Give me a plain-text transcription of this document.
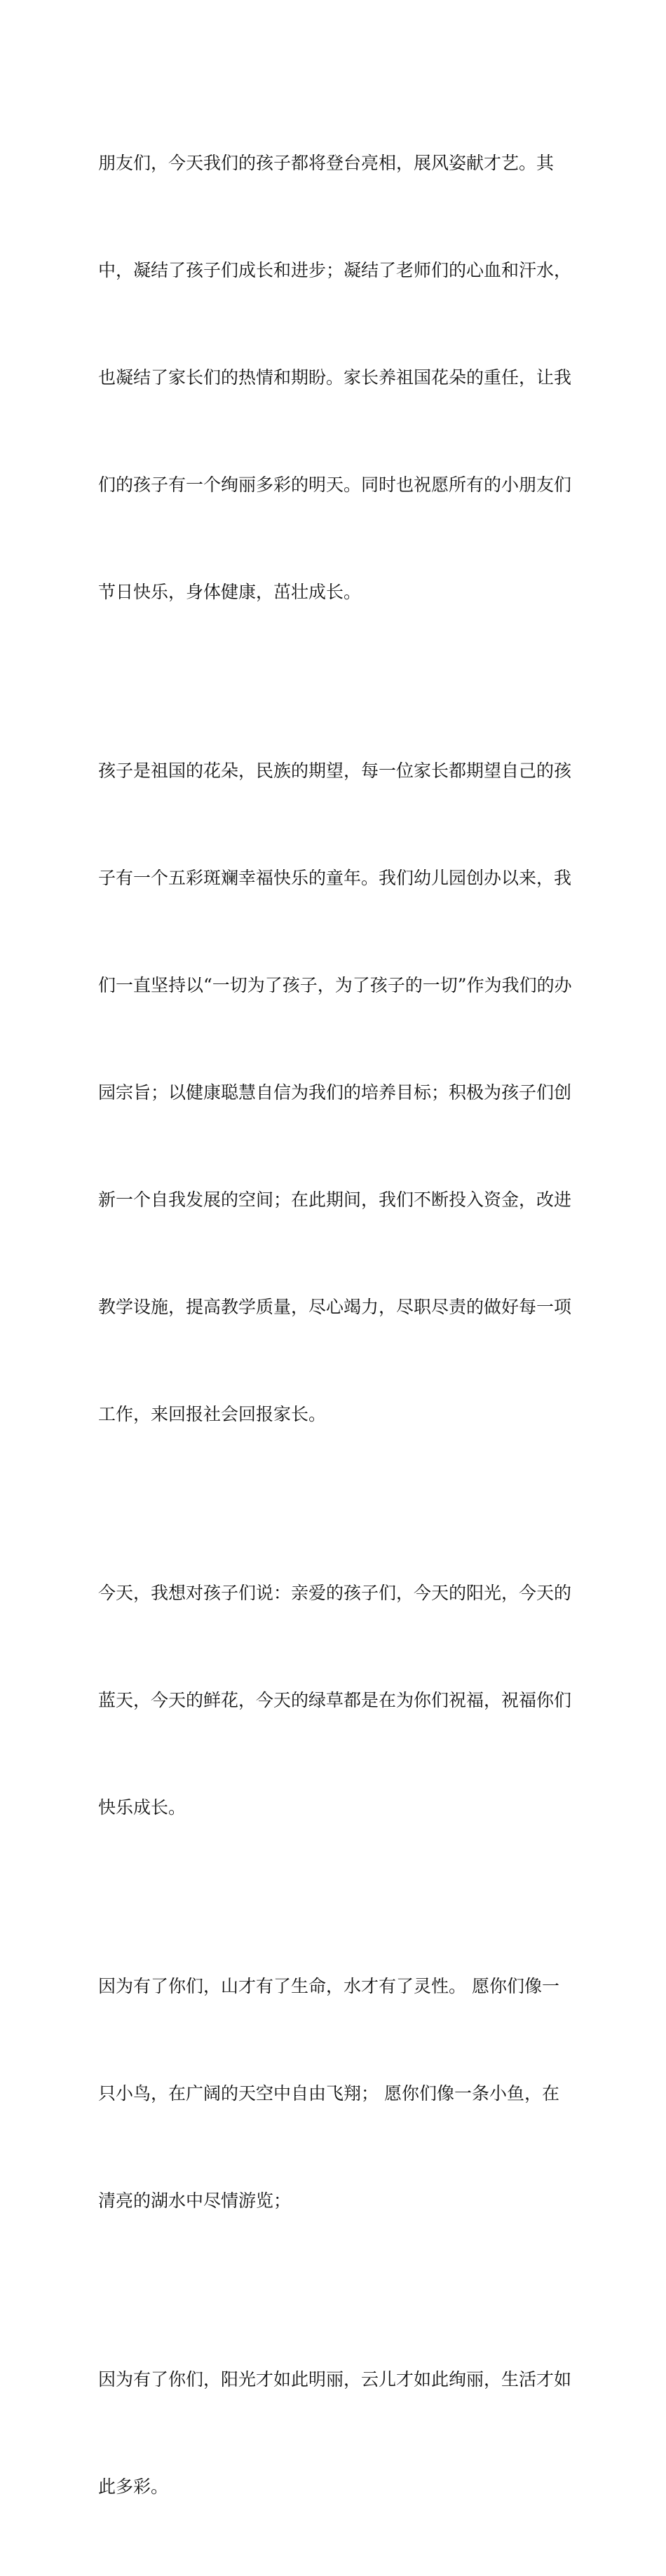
朋友们，今天我们的孩子都将登台亮相，展风姿献才艺。其

中，凝结了孩子们成长和进步；凝结了老师们的心血和汗水，

也凝结了家长们的热情和期盼。家长养祖国花朵的重任，让我

们的孩子有一个绚丽多彩的明天。同时也祝愿所有的小朋友们

节日快乐，身体健康，茁壮成长。

孩子是祖国的花朵，民族的期望，每一位家长都期望自己的孩

子有一个五彩斑斓幸福快乐的童年。我们幼儿园创办以来，我

们一直坚持以“一切为了孩子，为了孩子的一切”作为我们的办

园宗旨；以健康聪慧自信为我们的培养目标；积极为孩子们创

新一个自我发展的空间；在此期间，我们不断投入资金，改进

教学设施，提高教学质量，尽心竭力，尽职尽责的做好每一项

工作，来回报社会回报家长。

今天，我想对孩子们说：亲爱的孩子们，今天的阳光，今天的

蓝天，今天的鲜花，今天的绿草都是在为你们祝福，祝福你们

快乐成长。

因为有了你们，山才有了生命，水才有了灵性。 愿你们像一

只小鸟，在广阔的天空中自由飞翔； 愿你们像一条小鱼，在

清亮的湖水中尽情游览；

因为有了你们，阳光才如此明丽，云儿才如此绚丽，生活才如

此多彩。
